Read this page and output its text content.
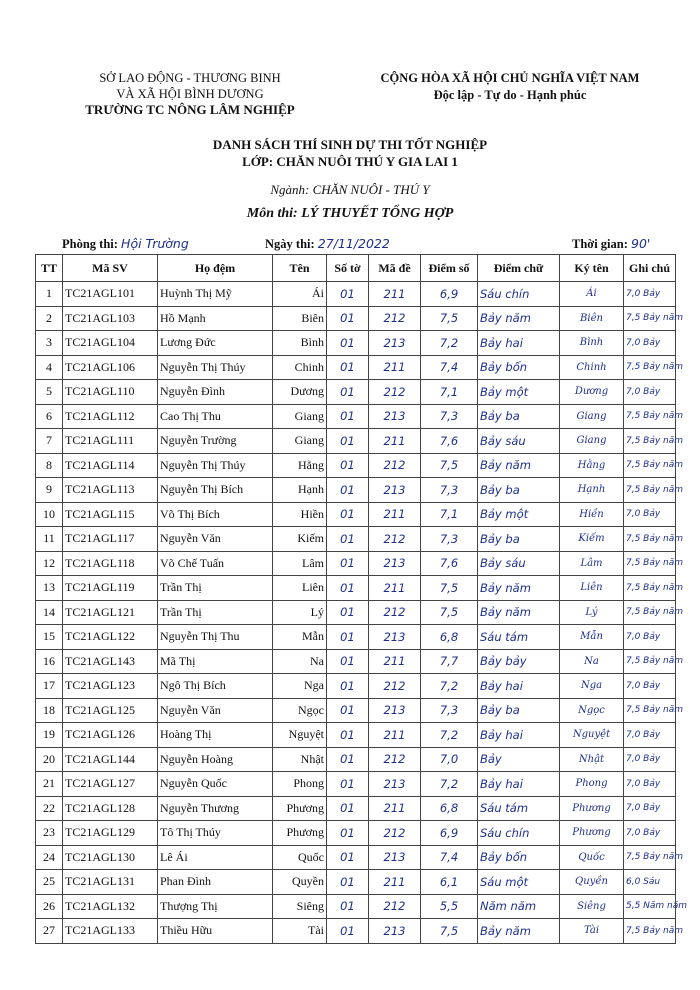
SỞ LAO ĐỘNG - THƯƠNG BINH
VÀ XÃ HỘI BÌNH DƯƠNG
TRƯỜNG TC NÔNG LÂM NGHIỆP
CỘNG HÒA XÃ HỘI CHỦ NGHĨA VIỆT NAM
Độc lập - Tự do - Hạnh phúc
DANH SÁCH THÍ SINH DỰ THI TỐT NGHIỆP
LỚP: CHĂN NUÔI THÚ Y GIA LAI 1
Ngành: CHĂN NUÔI - THÚ Y
Môn thi: LÝ THUYẾT TỔNG HỢP
Phòng thi: Hội Trường	Ngày thi: 27/11/2022	Thời gian: 90'
TT	Mã SV	Họ đệm	Tên	Số tờ	Mã đề	Điểm số	Điểm chữ	Ký tên	Ghi chú
1	TC21AGL101	Huỳnh Thị Mỹ	Ái	01	211	6,9	Sáu chín	Ái	7,0 Bảy
2	TC21AGL103	Hồ Mạnh	Biên	01	212	7,5	Bảy năm	Biên	7,5 Bảy năm
3	TC21AGL104	Lương Đức	Bình	01	213	7,2	Bảy hai	Bình	7,0 Bảy
4	TC21AGL106	Nguyễn Thị Thúy	Chinh	01	211	7,4	Bảy bốn	Chinh	7,5 Bảy năm
5	TC21AGL110	Nguyễn Đình	Dương	01	212	7,1	Bảy một	Dương	7,0 Bảy
6	TC21AGL112	Cao Thị Thu	Giang	01	213	7,3	Bảy ba	Giang	7,5 Bảy năm
7	TC21AGL111	Nguyễn Trường	Giang	01	211	7,6	Bảy sáu	Giang	7,5 Bảy năm
8	TC21AGL114	Nguyễn Thị Thúy	Hằng	01	212	7,5	Bảy năm	Hằng	7,5 Bảy năm
9	TC21AGL113	Nguyễn Thị Bích	Hạnh	01	213	7,3	Bảy ba	Hạnh	7,5 Bảy năm
10	TC21AGL115	Võ Thị Bích	Hiền	01	211	7,1	Bảy một	Hiền	7,0 Bảy
11	TC21AGL117	Nguyễn Văn	Kiếm	01	212	7,3	Bảy ba	Kiếm	7,5 Bảy năm
12	TC21AGL118	Võ Chế Tuấn	Lâm	01	213	7,6	Bảy sáu	Lâm	7,5 Bảy năm
13	TC21AGL119	Trần Thị	Liên	01	211	7,5	Bảy năm	Liên	7,5 Bảy năm
14	TC21AGL121	Trần Thị	Lý	01	212	7,5	Bảy năm	Lý	7,5 Bảy năm
15	TC21AGL122	Nguyễn Thị Thu	Mẫn	01	213	6,8	Sáu tám	Mẫn	7,0 Bảy
16	TC21AGL143	Mã Thị	Na	01	211	7,7	Bảy bảy	Na	7,5 Bảy năm
17	TC21AGL123	Ngô Thị Bích	Nga	01	212	7,2	Bảy hai	Nga	7,0 Bảy
18	TC21AGL125	Nguyễn Văn	Ngọc	01	213	7,3	Bảy ba	Ngọc	7,5 Bảy năm
19	TC21AGL126	Hoàng Thị	Nguyệt	01	211	7,2	Bảy hai	Nguyệt	7,0 Bảy
20	TC21AGL144	Nguyễn Hoàng	Nhật	01	212	7,0	Bảy	Nhật	7,0 Bảy
21	TC21AGL127	Nguyễn Quốc	Phong	01	213	7,2	Bảy hai	Phong	7,0 Bảy
22	TC21AGL128	Nguyễn Thương	Phương	01	211	6,8	Sáu tám	Phương	7,0 Bảy
23	TC21AGL129	Tô Thị Thúy	Phương	01	212	6,9	Sáu chín	Phương	7,0 Bảy
24	TC21AGL130	Lê Ái	Quốc	01	213	7,4	Bảy bốn	Quốc	7,5 Bảy năm
25	TC21AGL131	Phan Đình	Quyền	01	211	6,1	Sáu một	Quyền	6,0 Sáu
26	TC21AGL132	Thượng Thị	Siêng	01	212	5,5	Năm năm	Siêng	5,5 Năm năm
27	TC21AGL133	Thiều Hữu	Tài	01	213	7,5	Bảy năm	Tài	7,5 Bảy năm
